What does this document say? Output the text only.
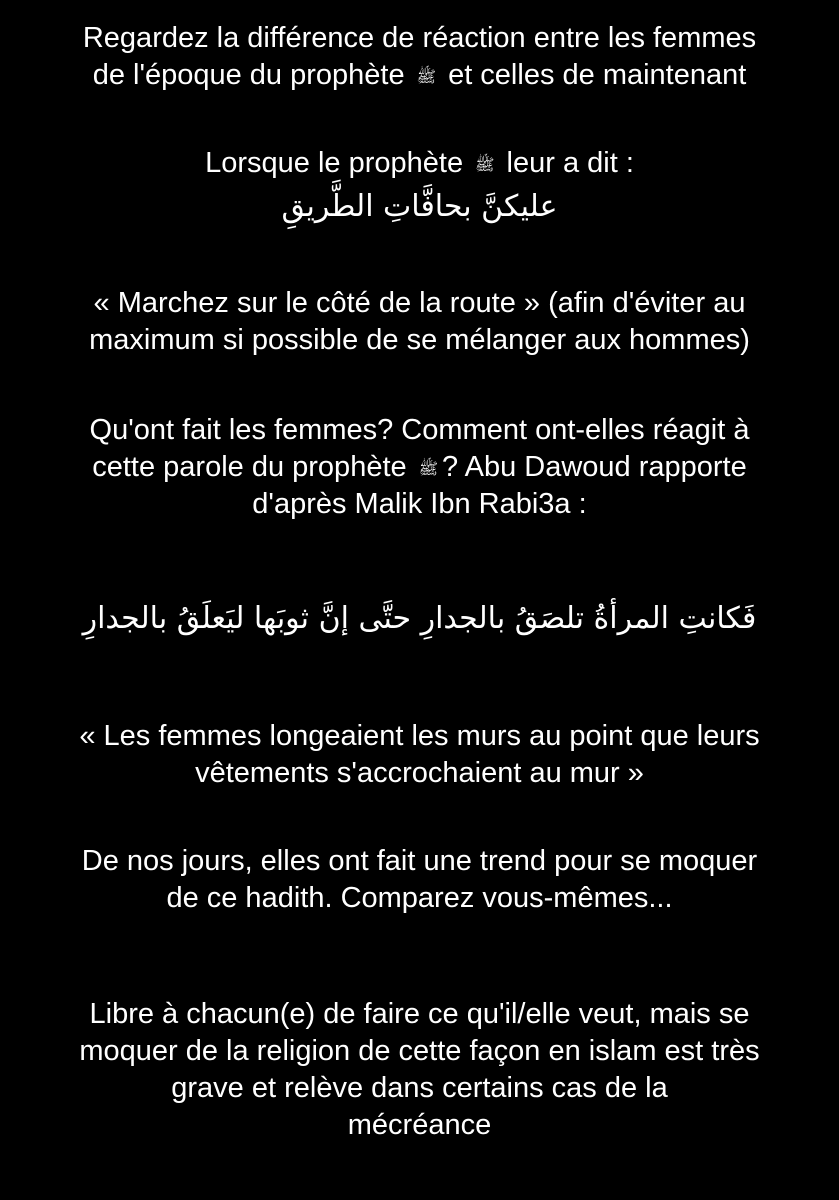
Regardez la différence de réaction entre les femmes
de l'époque du prophète ﷺ et celles de maintenant
Lorsque le prophète ﷺ leur a dit :
عليكنَّ بحافَّاتِ الطَّريقِ
« Marchez sur le côté de la route » (afin d'éviter au
maximum si possible de se mélanger aux hommes)
Qu'ont fait les femmes? Comment ont-elles réagit à
cette parole du prophète ﷺ ? Abu Dawoud rapporte
d'après Malik Ibn Rabi3a :
فَكانتِ المرأةُ تلصَقُ بالجدارِ حتَّى إنَّ ثوبَها ليَعلَقُ بالجدارِ
« Les femmes longeaient les murs au point que leurs
vêtements s'accrochaient au mur »
De nos jours, elles ont fait une trend pour se moquer
de ce hadith. Comparez vous-mêmes...
Libre à chacun(e) de faire ce qu'il/elle veut, mais se
moquer de la religion de cette façon en islam est très
grave et relève dans certains cas de la
mécréance
